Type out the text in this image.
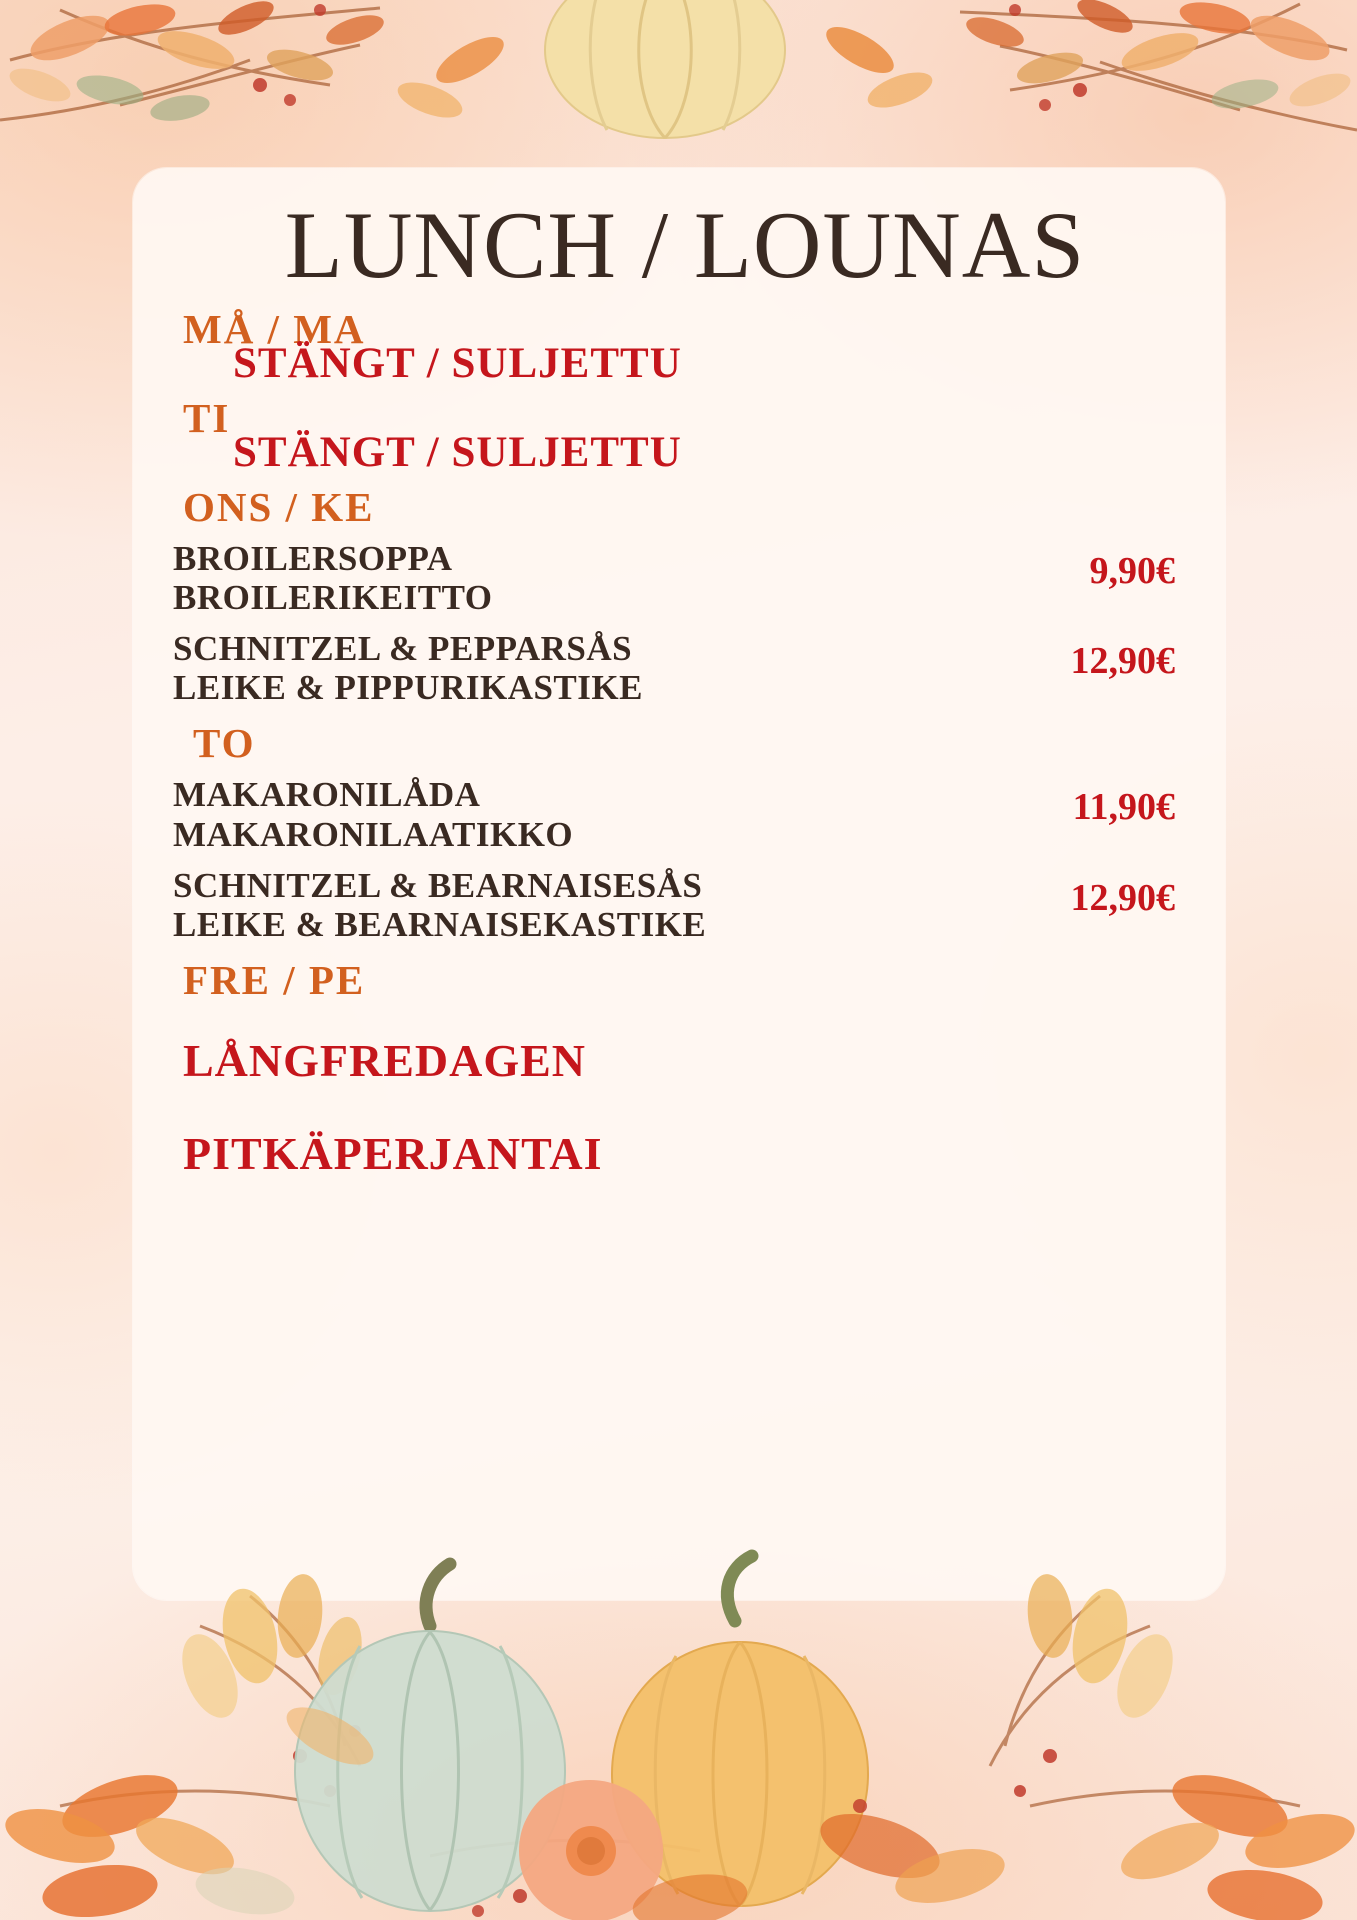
LUNCH / LOUNAS
MÅ / MA
STÄNGT / SULJETTU
TI
STÄNGT / SULJETTU
ONS / KE
BROILERSOPPA
BROILERIKEITTO
9,90€
SCHNITZEL & PEPPARSÅS
LEIKE & PIPPURIKASTIKE
12,90€
TO
MAKARONILÅDA
MAKARONILAATIKKO
11,90€
SCHNITZEL & BEARNAISESÅS
LEIKE & BEARNAISEKASTIKE
12,90€
FRE / PE
LÅNGFREDAGEN
PITKÄPERJANTAI
